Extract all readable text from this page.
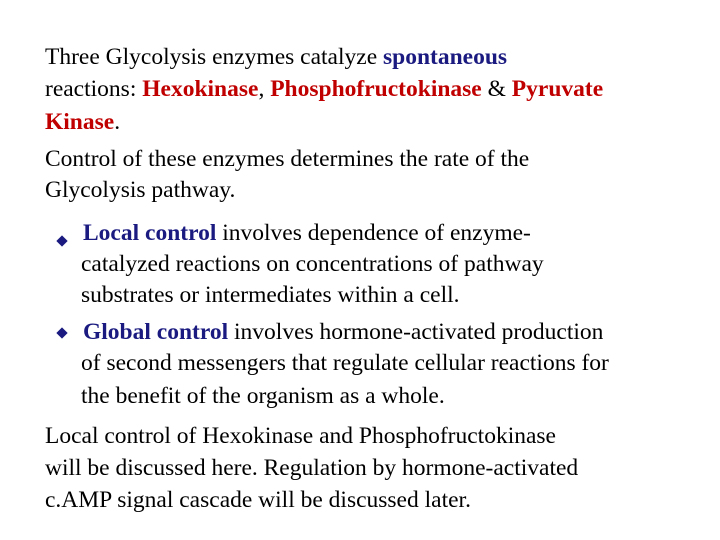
Three Glycolysis enzymes catalyze spontaneous
reactions: Hexokinase, Phosphofructokinase & Pyruvate
Kinase.
Control of these enzymes determines the rate of the
Glycolysis pathway.
Local control involves dependence of enzyme-
catalyzed reactions on concentrations of pathway
substrates or intermediates within a cell.
Global control involves hormone-activated production
of second messengers that regulate cellular reactions for
the benefit of the organism as a whole.
Local control of Hexokinase and Phosphofructokinase
will be discussed here. Regulation by hormone-activated
c.AMP signal cascade will be discussed later.
